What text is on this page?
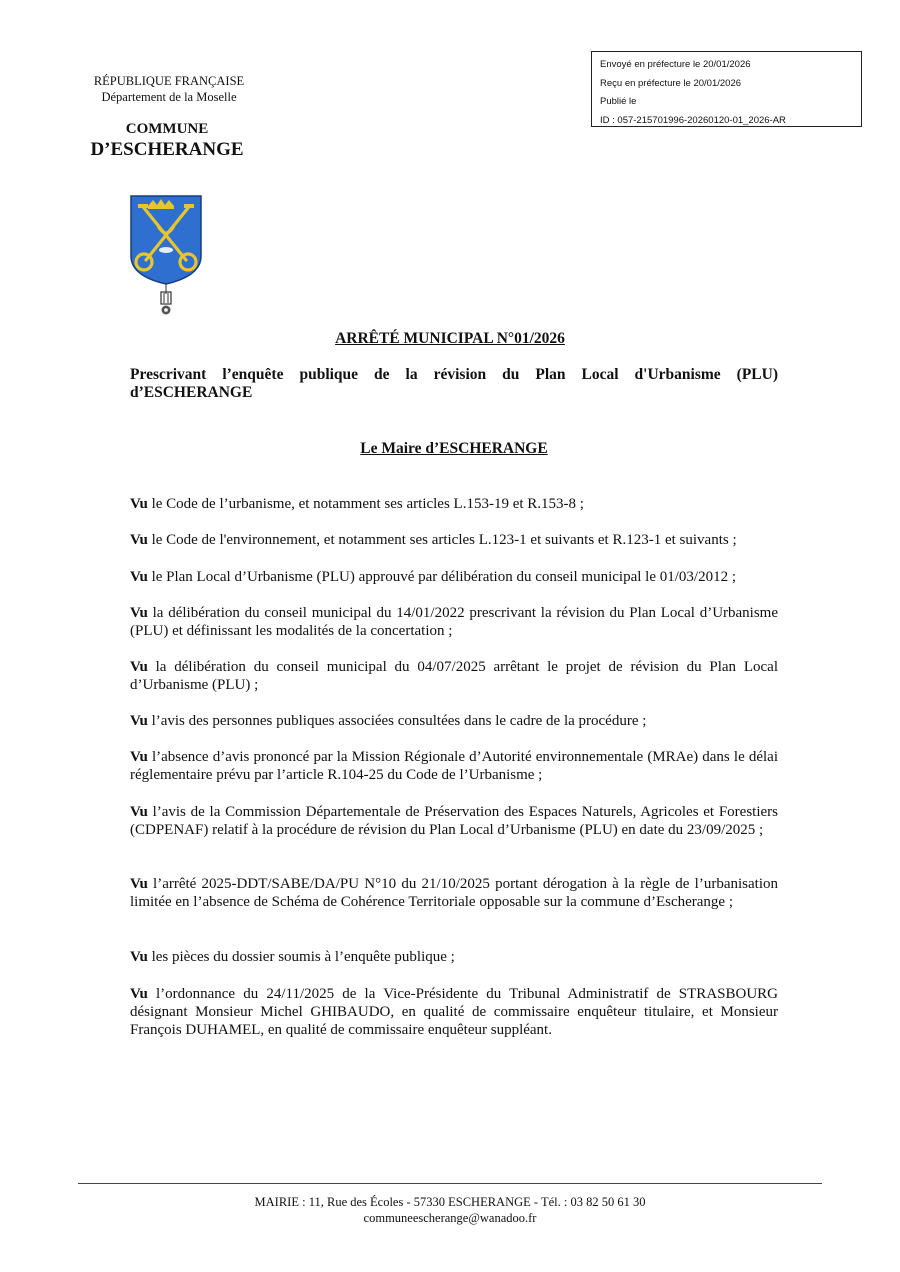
RÉPUBLIQUE FRANÇAISE
Département de la Moselle
COMMUNE
D’ESCHERANGE
Envoyé en préfecture le 20/01/2026
Reçu en préfecture le 20/01/2026
Publié le
ID : 057-215701996-20260120-01_2026-AR
ARRÊTÉ MUNICIPAL N°01/2026
Prescrivant l’enquête publique de la révision du Plan Local d'Urbanisme (PLU)
d’ESCHERANGE
Le Maire d’ESCHERANGE
Vu le Code de l’urbanisme, et notamment ses articles L.153-19 et R.153-8 ;
Vu le Code de l'environnement, et notamment ses articles L.123-1 et suivants et R.123-1 et suivants ;
Vu le Plan Local d’Urbanisme (PLU) approuvé par délibération du conseil municipal le 01/03/2012 ;
Vu la délibération du conseil municipal du 14/01/2022 prescrivant la révision du Plan Local d’Urbanisme (PLU) et définissant les modalités de la concertation ;
Vu la délibération du conseil municipal du 04/07/2025 arrêtant le projet de révision du Plan Local d’Urbanisme (PLU) ;
Vu l’avis des personnes publiques associées consultées dans le cadre de la procédure ;
Vu l’absence d’avis prononcé par la Mission Régionale d’Autorité environnementale (MRAe) dans le délai réglementaire prévu par l’article R.104-25 du Code de l’Urbanisme ;
Vu l’avis de la Commission Départementale de Préservation des Espaces Naturels, Agricoles et Forestiers (CDPENAF) relatif à la procédure de révision du Plan Local d’Urbanisme (PLU) en date du 23/09/2025 ;
Vu l’arrêté 2025-DDT/SABE/DA/PU N°10 du 21/10/2025 portant dérogation à la règle de l’urbanisation limitée en l’absence de Schéma de Cohérence Territoriale opposable sur la commune d’Escherange ;
Vu les pièces du dossier soumis à l’enquête publique ;
Vu l’ordonnance du 24/11/2025 de la Vice-Présidente du Tribunal Administratif de STRASBOURG désignant Monsieur Michel GHIBAUDO, en qualité de commissaire enquêteur titulaire, et Monsieur François DUHAMEL, en qualité de commissaire enquêteur suppléant.
MAIRIE : 11, Rue des Écoles - 57330 ESCHERANGE - Tél. : 03 82 50 61 30
communeescherange@wanadoo.fr
